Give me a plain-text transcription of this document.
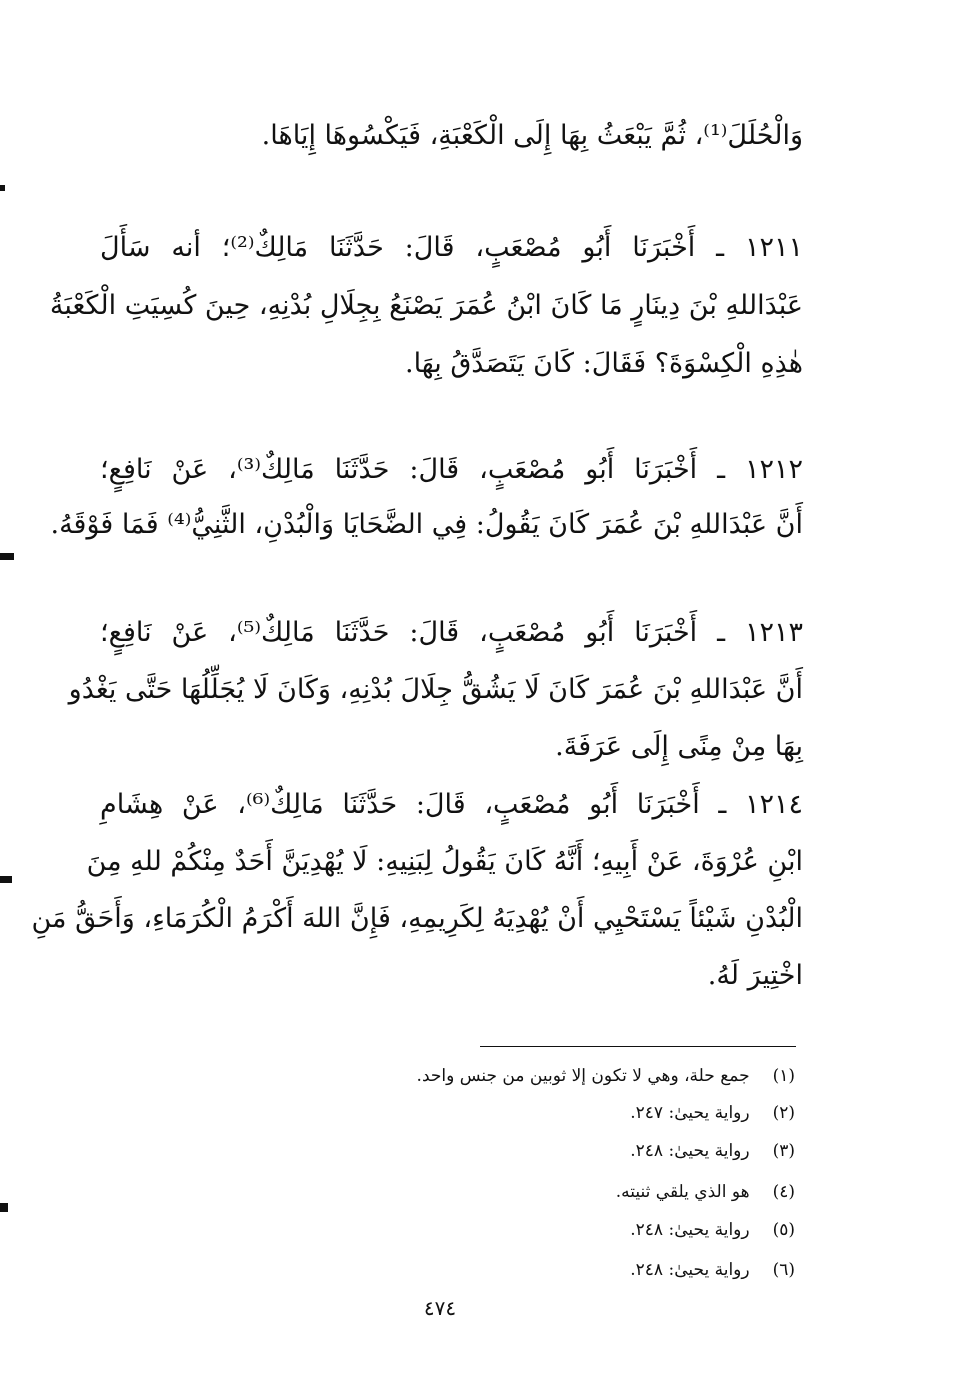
وَالْحُلَلَ⁽¹⁾، ثُمَّ يَبْعَثُ بِهَا إِلَى الْكَعْبَةِ، فَيَكْسُوهَا إِيَاهَا.
١٢١١ ـ أَخْبَرَنَا أَبُو مُصْعَبٍ، قَالَ: حَدَّثَنَا مَالِكٌ⁽²⁾؛ أنه سَأَلَ
عَبْدَاللهِ بْنَ دِينَارٍ مَا كَانَ ابْنُ عُمَرَ يَصْنَعُ بِجِلَالِ بُدْنِهِ، حِينَ كُسِيَتِ الْكَعْبَةُ
هٰذِهِ الْكِسْوَةَ؟ فَقَالَ: كَانَ يَتَصَدَّقُ بِهَا.
١٢١٢ ـ أَخْبَرَنَا أَبُو مُصْعَبٍ، قَالَ: حَدَّثَنَا مَالِكٌ⁽³⁾، عَنْ نَافِعٍ؛
أَنَّ عَبْدَاللهِ بْنَ عُمَرَ كَانَ يَقُولُ: فِي الضَّحَايَا وَالْبُدْنِ، الثَّنِيُّ⁽⁴⁾ فَمَا فَوْقَهُ.
١٢١٣ ـ أَخْبَرَنَا أَبُو مُصْعَبٍ، قَالَ: حَدَّثَنَا مَالِكٌ⁽⁵⁾، عَنْ نَافِعٍ؛
أَنَّ عَبْدَاللهِ بْنَ عُمَرَ كَانَ لَا يَشُقُّ جِلَالَ بُدْنِهِ، وَكَانَ لَا يُجَلِّلُهَا حَتَّى يَغْدُو
بِهَا مِنْ مِنًى إِلَى عَرَفَةَ.
١٢١٤ ـ أَخْبَرَنَا أَبُو مُصْعَبٍ، قَالَ: حَدَّثَنَا مَالِكٌ⁽⁶⁾، عَنْ هِشَامِ
ابْنِ عُرْوَةَ، عَنْ أَبِيهِ؛ أَنَّهُ كَانَ يَقُولُ لِبَنِيهِ: لَا يُهْدِيَنَّ أَحَدٌ مِنْكُمْ للهِ مِنَ
الْبُدْنِ شَيْئاً يَسْتَحْيِي أَنْ يُهْدِيَهُ لِكَرِيمِهِ، فَإِنَّ اللهَ أَكْرَمُ الْكُرَمَاءِ، وَأَحَقُّ مَنِ
اخْتِيرَ لَهُ.
(١) جمع حلة، وهي لا تكون إلا ثوبين من جنس واحد.
(٢) رواية يحيىٰ: ٢٤٧.
(٣) رواية يحيىٰ: ٢٤٨.
(٤) هو الذي يلقي ثنيته.
(٥) رواية يحيىٰ: ٢٤٨.
(٦) رواية يحيىٰ: ٢٤٨.
٤٧٤
